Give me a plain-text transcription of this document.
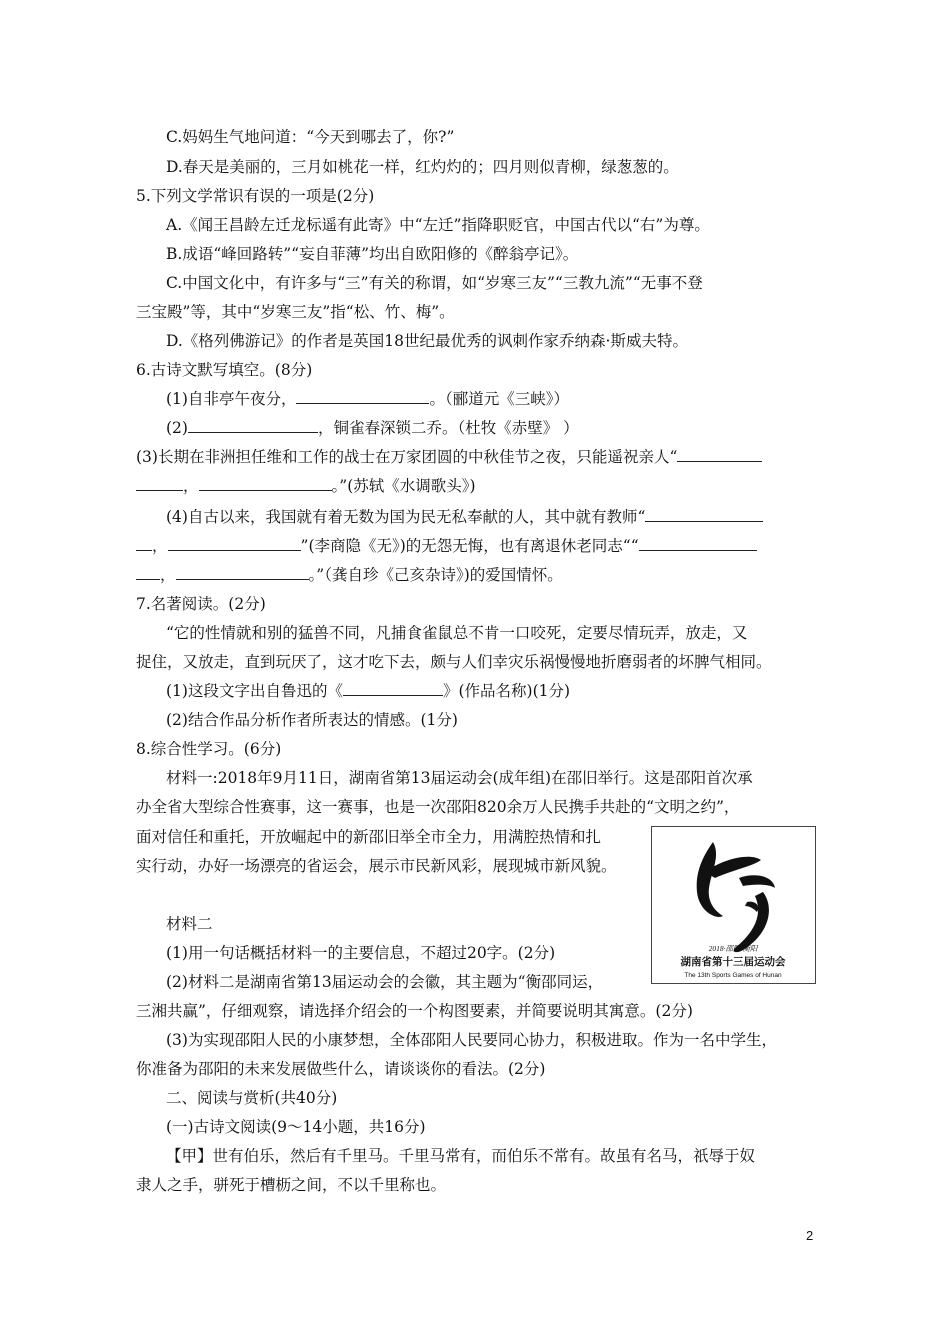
C.妈妈生气地问道：“今天到哪去了，你?”
D.春天是美丽的，三月如桃花一样，红灼灼的；四月则似青柳，绿葱葱的。
5.下列文学常识有误的一项是(2分)
A.《闻王昌龄左迁龙标遥有此寄》中“左迁”指降职贬官，中国古代以“右”为尊。
B.成语“峰回路转”“妄自菲薄”均出自欧阳修的《醉翁亭记》。
C.中国文化中，有许多与“三”有关的称谓，如“岁寒三友”“三教九流”“无事不登
三宝殿”等，其中“岁寒三友”指“松、竹、梅”。
D.《格列佛游记》的作者是英国18世纪最优秀的讽刺作家乔纳森·斯威夫特。
6.古诗文默写填空。(8分)
(1)自非亭午夜分，	。（郦道元《三峡》）
(2)	，铜雀春深锁二乔。（杜牧《赤壁》 ）
(3)长期在非洲担任维和工作的战士在万家团圆的中秋佳节之夜，只能遥祝亲人“
，	。”(苏轼《水调歌头》)
(4)自古以来，我国就有着无数为国为民无私奉献的人，其中就有教师“
，	”(李商隐《无》)的无怨无悔，也有离退休老同志““
，	。”（龚自珍《己亥杂诗》)的爱国情怀。
7.名著阅读。(2分)
“它的性情就和别的猛兽不同，凡捕食雀鼠总不肯一口咬死，定要尽情玩弄，放走，又
捉住，又放走，直到玩厌了，这才吃下去，颇与人们幸灾乐祸慢慢地折磨弱者的坏脾气相同。
(1)这段文字出自鲁迅的《	》(作品名称)(1分)
(2)结合作品分析作者所表达的情感。(1分)
8.综合性学习。(6分)
材料一:2018年9月11日，湖南省第13届运动会(成年组)在邵旧举行。这是邵阳首次承
办全省大型综合性赛事，这一赛事，也是一次邵阳820余万人民携手共赴的“文明之约”，
面对信任和重托，开放崛起中的新邵旧举全市全力，用满腔热情和扎
实行动，办好一场漂亮的省运会，展示市民新风彩，展现城市新风貌。
2018·邵阳·衡阳
湖南省第十三届运动会
The 13th Sports Games of Hunan
材料二
(1)用一句话概括材料一的主要信息，不超过20字。(2分)
(2)材料二是湖南省第13届运动会的会徽，其主题为“衡邵同运，
三湘共赢”，仔细观察，请选择介绍会的一个构图要素，并简要说明其寓意。(2分)
(3)为实现邵阳人民的小康梦想，全体邵阳人民要同心协力，积极进取。作为一名中学生，
你准备为邵阳的未来发展做些什么，请谈谈你的看法。(2分)
二、阅读与赏析(共40分)
(一)古诗文阅读(9～14小题，共16分)
【甲】世有伯乐，然后有千里马。千里马常有，而伯乐不常有。故虽有名马，祇辱于奴
隶人之手，骈死于槽枥之间，不以千里称也。
2
